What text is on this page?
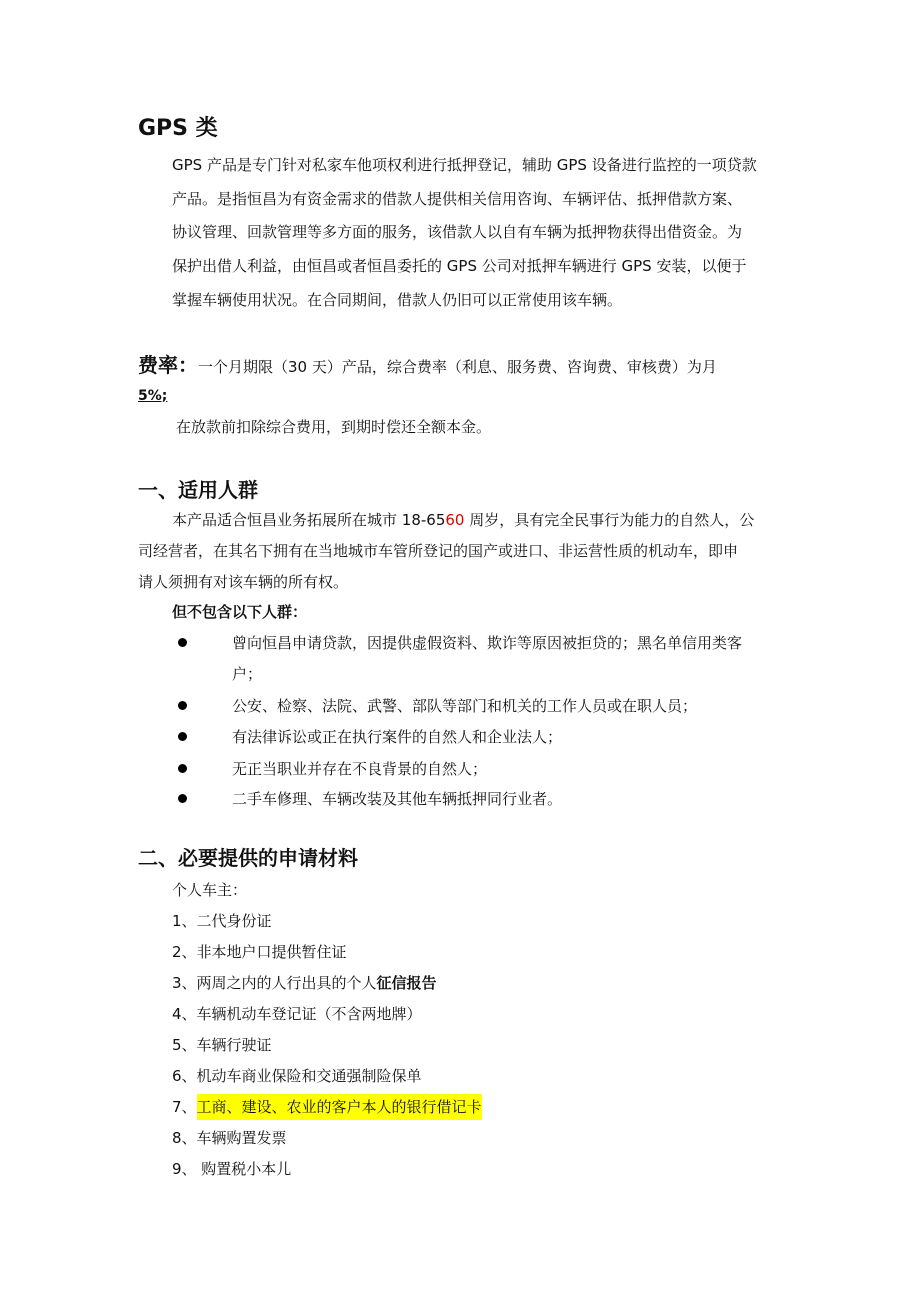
GPS 类
GPS 产品是专门针对私家车他项权利进行抵押登记，辅助 GPS 设备进行监控的一项贷款
产品。是指恒昌为有资金需求的借款人提供相关信用咨询、车辆评估、抵押借款方案、
协议管理、回款管理等多方面的服务，该借款人以自有车辆为抵押物获得出借资金。为
保护出借人利益，由恒昌或者恒昌委托的 GPS 公司对抵押车辆进行 GPS 安装，以便于
掌握车辆使用状况。在合同期间，借款人仍旧可以正常使用该车辆。
费率：一个月期限（30 天）产品，综合费率（利息、服务费、咨询费、审核费）为月
5%;
在放款前扣除综合费用，到期时偿还全额本金。
一、适用人群
本产品适合恒昌业务拓展所在城市 18-6560 周岁，具有完全民事行为能力的自然人，公
司经营者，在其名下拥有在当地城市车管所登记的国产或进口、非运营性质的机动车，即申
请人须拥有对该车辆的所有权。
但不包含以下人群：
曾向恒昌申请贷款，因提供虚假资料、欺诈等原因被拒贷的；黑名单信用类客
户；
公安、检察、法院、武警、部队等部门和机关的工作人员或在职人员；
有法律诉讼或正在执行案件的自然人和企业法人；
无正当职业并存在不良背景的自然人；
二手车修理、车辆改装及其他车辆抵押同行业者。
二、必要提供的申请材料
个人车主：
1、二代身份证
2、非本地户口提供暂住证
3、两周之内的人行出具的个人征信报告
4、车辆机动车登记证（不含两地牌）
5、车辆行驶证
6、机动车商业保险和交通强制险保单
7、工商、建设、农业的客户本人的银行借记卡
8、车辆购置发票
9、 购置税小本儿
